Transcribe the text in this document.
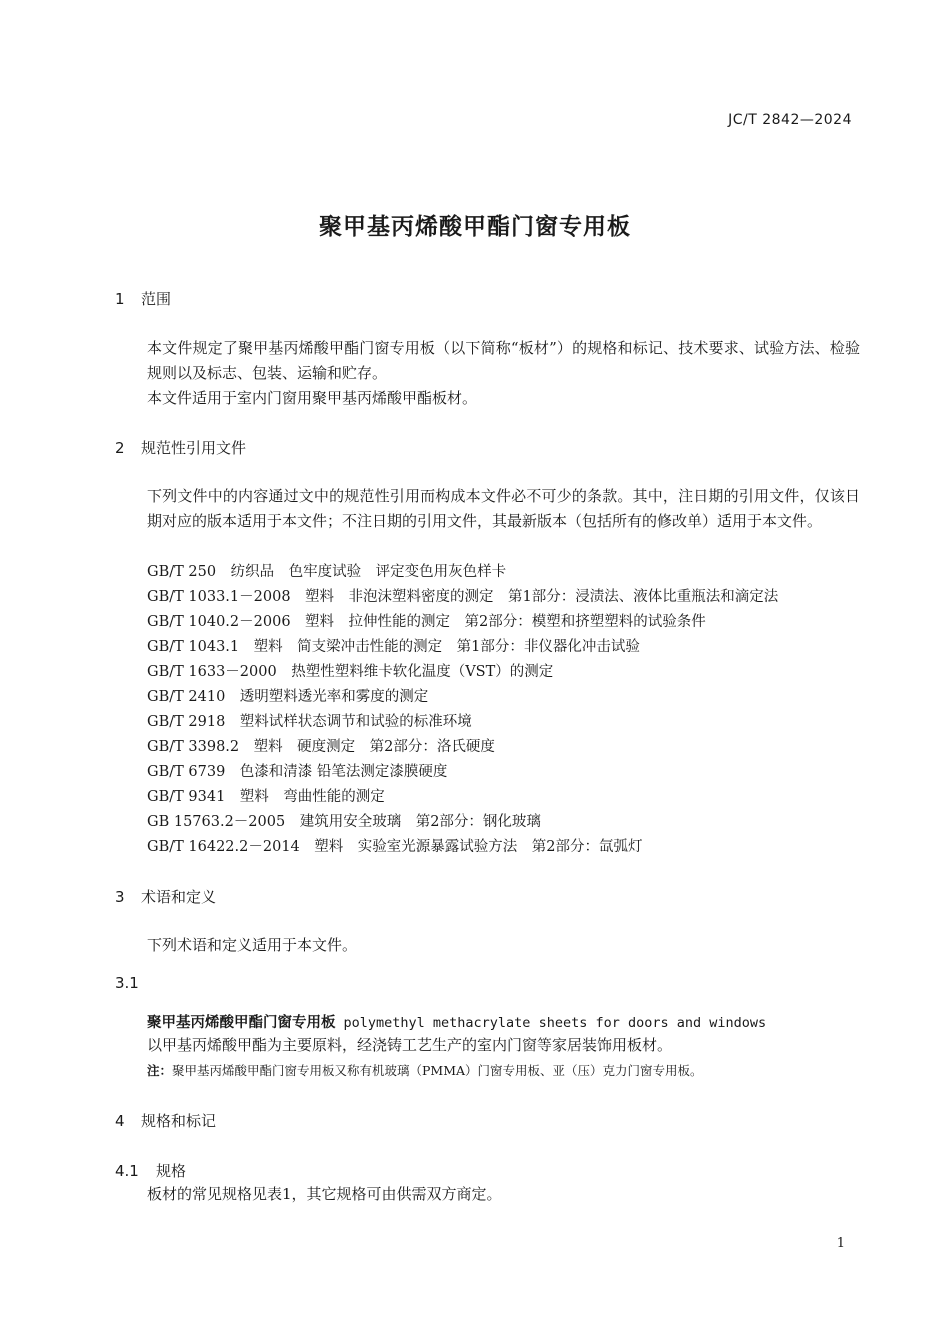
JC/T 2842—2024
聚甲基丙烯酸甲酯门窗专用板
1 范围
本文件规定了聚甲基丙烯酸甲酯门窗专用板（以下简称“板材”）的规格和标记、技术要求、试验方法、检验规则以及标志、包装、运输和贮存。
本文件适用于室内门窗用聚甲基丙烯酸甲酯板材。
2 规范性引用文件
下列文件中的内容通过文中的规范性引用而构成本文件必不可少的条款。其中，注日期的引用文件，仅该日期对应的版本适用于本文件；不注日期的引用文件，其最新版本（包括所有的修改单）适用于本文件。
GB/T 250　纺织品　色牢度试验　评定变色用灰色样卡
GB/T 1033.1－2008　塑料　非泡沫塑料密度的测定　第1部分：浸渍法、液体比重瓶法和滴定法
GB/T 1040.2－2006　塑料　拉伸性能的测定　第2部分：模塑和挤塑塑料的试验条件
GB/T 1043.1　塑料　简支梁冲击性能的测定　第1部分：非仪器化冲击试验
GB/T 1633－2000　热塑性塑料维卡软化温度（VST）的测定
GB/T 2410　透明塑料透光率和雾度的测定
GB/T 2918　塑料试样状态调节和试验的标准环境
GB/T 3398.2　塑料　硬度测定　第2部分：洛氏硬度
GB/T 6739　色漆和清漆 铅笔法测定漆膜硬度
GB/T 9341　塑料　弯曲性能的测定
GB 15763.2－2005　建筑用安全玻璃　第2部分：钢化玻璃
GB/T 16422.2－2014　塑料　实验室光源暴露试验方法　第2部分：氙弧灯
3 术语和定义
下列术语和定义适用于本文件。
3.1
聚甲基丙烯酸甲酯门窗专用板 polymethyl methacrylate sheets for doors and windows
以甲基丙烯酸甲酯为主要原料，经浇铸工艺生产的室内门窗等家居装饰用板材。
注：聚甲基丙烯酸甲酯门窗专用板又称有机玻璃（PMMA）门窗专用板、亚（压）克力门窗专用板。
4 规格和标记
4.1 规格
板材的常见规格见表1，其它规格可由供需双方商定。
1
